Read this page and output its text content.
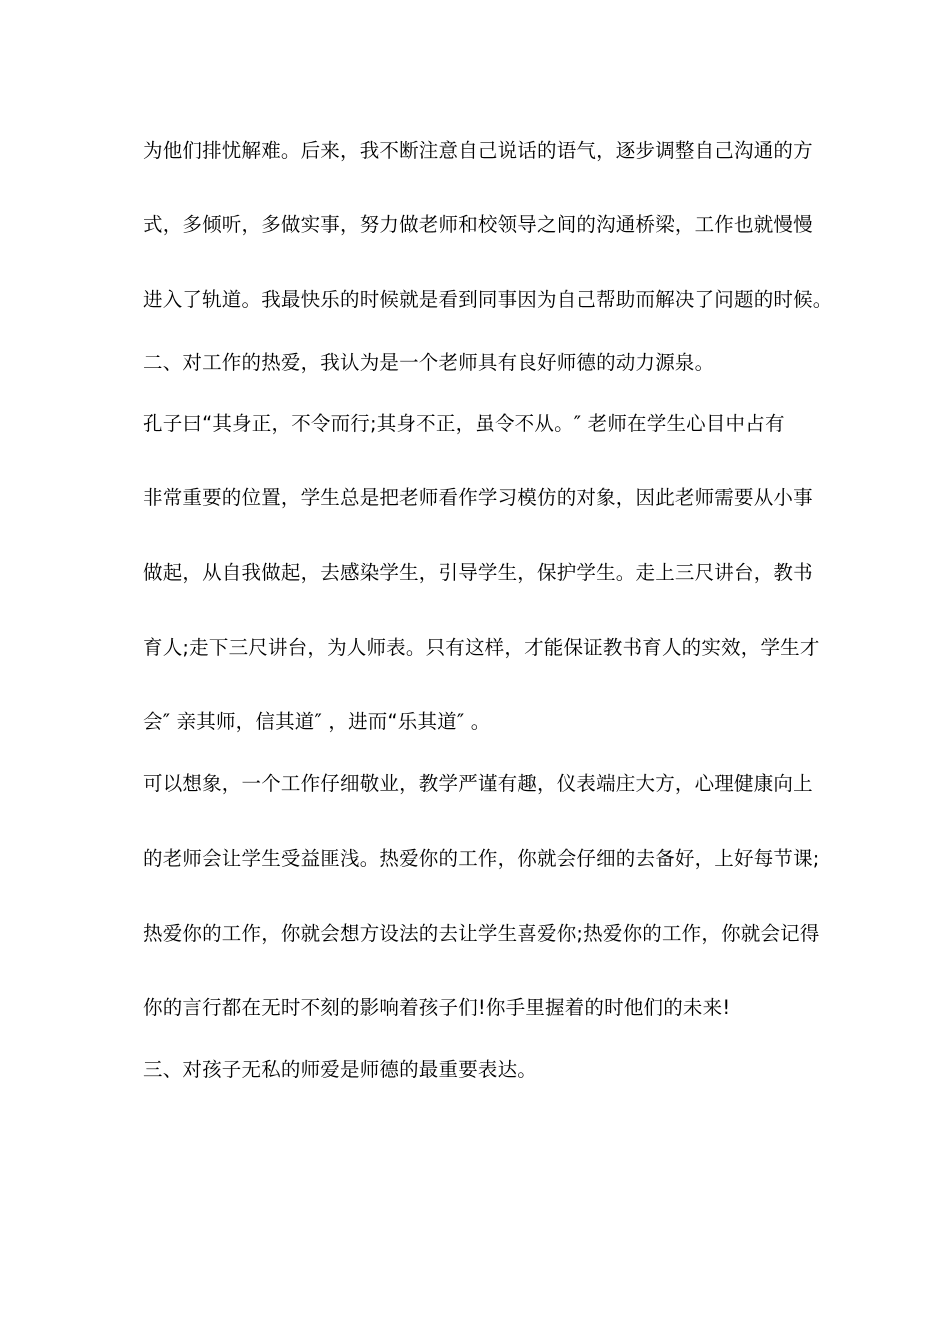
为他们排忧解难。后来，我不断注意自己说话的语气，逐步调整自己沟通的方
式，多倾听，多做实事，努力做老师和校领导之间的沟通桥梁，工作也就慢慢
进入了轨道。我最快乐的时候就是看到同事因为自己帮助而解决了问题的时候。
二、对工作的热爱，我认为是一个老师具有良好师德的动力源泉。
孔子曰“其身正，不令而行;其身不正，虽令不从。″ 老师在学生心目中占有
非常重要的位置，学生总是把老师看作学习模仿的对象，因此老师需要从小事
做起，从自我做起，去感染学生，引导学生，保护学生。走上三尺讲台，教书
育人;走下三尺讲台，为人师表。只有这样，才能保证教书育人的实效，学生才
会″ 亲其师，信其道″ ，进而“乐其道″ 。
可以想象，一个工作仔细敬业，教学严谨有趣，仪表端庄大方，心理健康向上
的老师会让学生受益匪浅。热爱你的工作，你就会仔细的去备好，上好每节课;
热爱你的工作，你就会想方设法的去让学生喜爱你;热爱你的工作，你就会记得
你的言行都在无时不刻的影响着孩子们!你手里握着的时他们的未来!
三、对孩子无私的师爱是师德的最重要表达。
